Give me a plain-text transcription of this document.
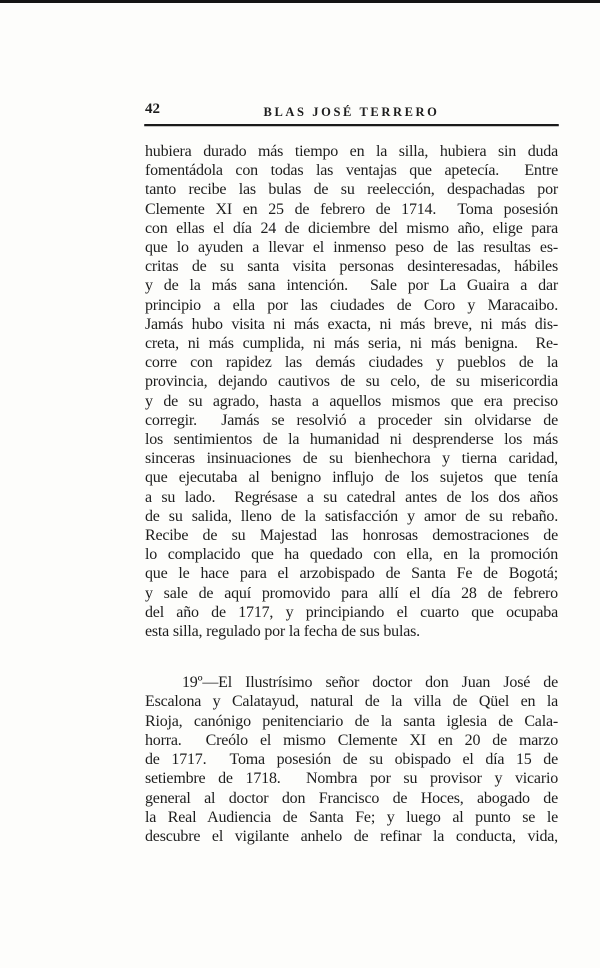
42	BLAS JOSÉ TERRERO
hubiera durado más tiempo en la silla, hubiera sin duda
fomentádola con todas las ventajas que apetecía.  Entre
tanto recibe las bulas de su reelección, despachadas por
Clemente XI en 25 de febrero de 1714.  Toma posesión
con ellas el día 24 de diciembre del mismo año, elige para
que lo ayuden a llevar el inmenso peso de las resultas es-
critas de su santa visita personas desinteresadas, hábiles
y de la más sana intención.  Sale por La Guaira a dar
principio a ella por las ciudades de Coro y Maracaibo.
Jamás hubo visita ni más exacta, ni más breve, ni más dis-
creta, ni más cumplida, ni más seria, ni más benigna.  Re-
corre con rapidez las demás ciudades y pueblos de la
provincia, dejando cautivos de su celo, de su misericordia
y de su agrado, hasta a aquellos mismos que era preciso
corregir.  Jamás se resolvió a proceder sin olvidarse de
los sentimientos de la humanidad ni desprenderse los más
sinceras insinuaciones de su bienhechora y tierna caridad,
que ejecutaba al benigno influjo de los sujetos que tenía
a su lado.  Regrésase a su catedral antes de los dos años
de su salida, lleno de la satisfacción y amor de su rebaño.
Recibe de su Majestad las honrosas demostraciones de
lo complacido que ha quedado con ella, en la promoción
que le hace para el arzobispado de Santa Fe de Bogotá;
y sale de aquí promovido para allí el día 28 de febrero
del año de 1717, y principiando el cuarto que ocupaba
esta silla, regulado por la fecha de sus bulas.
19º—El Ilustrísimo señor doctor don Juan José de
Escalona y Calatayud, natural de la villa de Qüel en la
Rioja, canónigo penitenciario de la santa iglesia de Cala-
horra.  Creólo el mismo Clemente XI en 20 de marzo
de 1717.  Toma posesión de su obispado el día 15 de
setiembre de 1718.  Nombra por su provisor y vicario
general al doctor don Francisco de Hoces, abogado de
la Real Audiencia de Santa Fe; y luego al punto se le
descubre el vigilante anhelo de refinar la conducta, vida,
